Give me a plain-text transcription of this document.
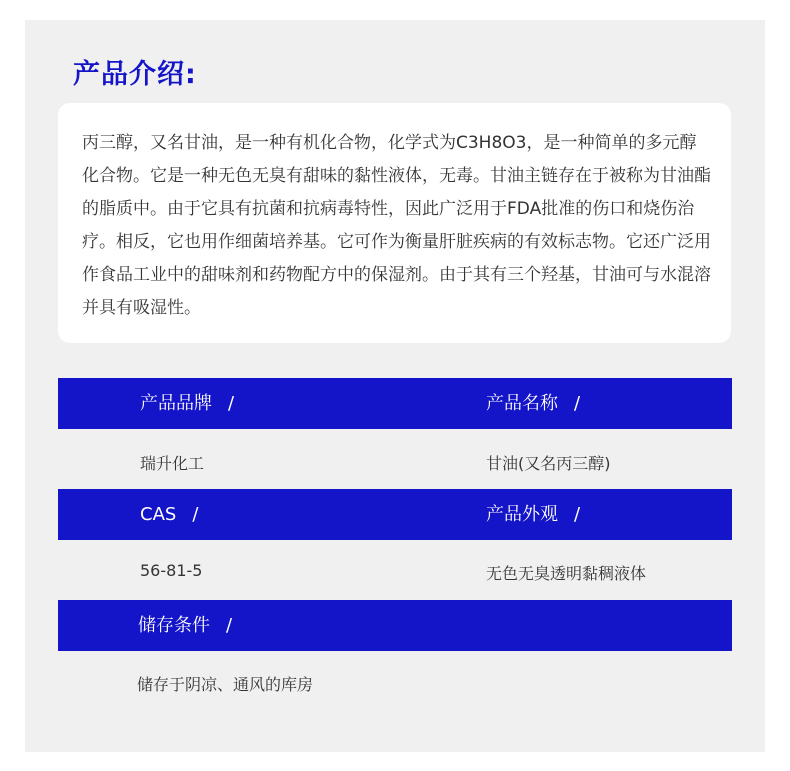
产品介绍:

丙三醇，又名甘油，是一种有机化合物，化学式为C3H8O3，是一种简单的多元醇化合物。它是一种无色无臭有甜味的黏性液体，无毒。甘油主链存在于被称为甘油酯的脂质中。由于它具有抗菌和抗病毒特性，因此广泛用于FDA批准的伤口和烧伤治疗。相反，它也用作细菌培养基。它可作为衡量肝脏疾病的有效标志物。它还广泛用作食品工业中的甜味剂和药物配方中的保湿剂。由于其有三个羟基，甘油可与水混溶并具有吸湿性。

产品品牌 /	产品名称 /
瑞升化工	甘油(又名丙三醇)
CAS /	产品外观 /
56-81-5	无色无臭透明黏稠液体
储存条件 /
储存于阴凉、通风的库房
